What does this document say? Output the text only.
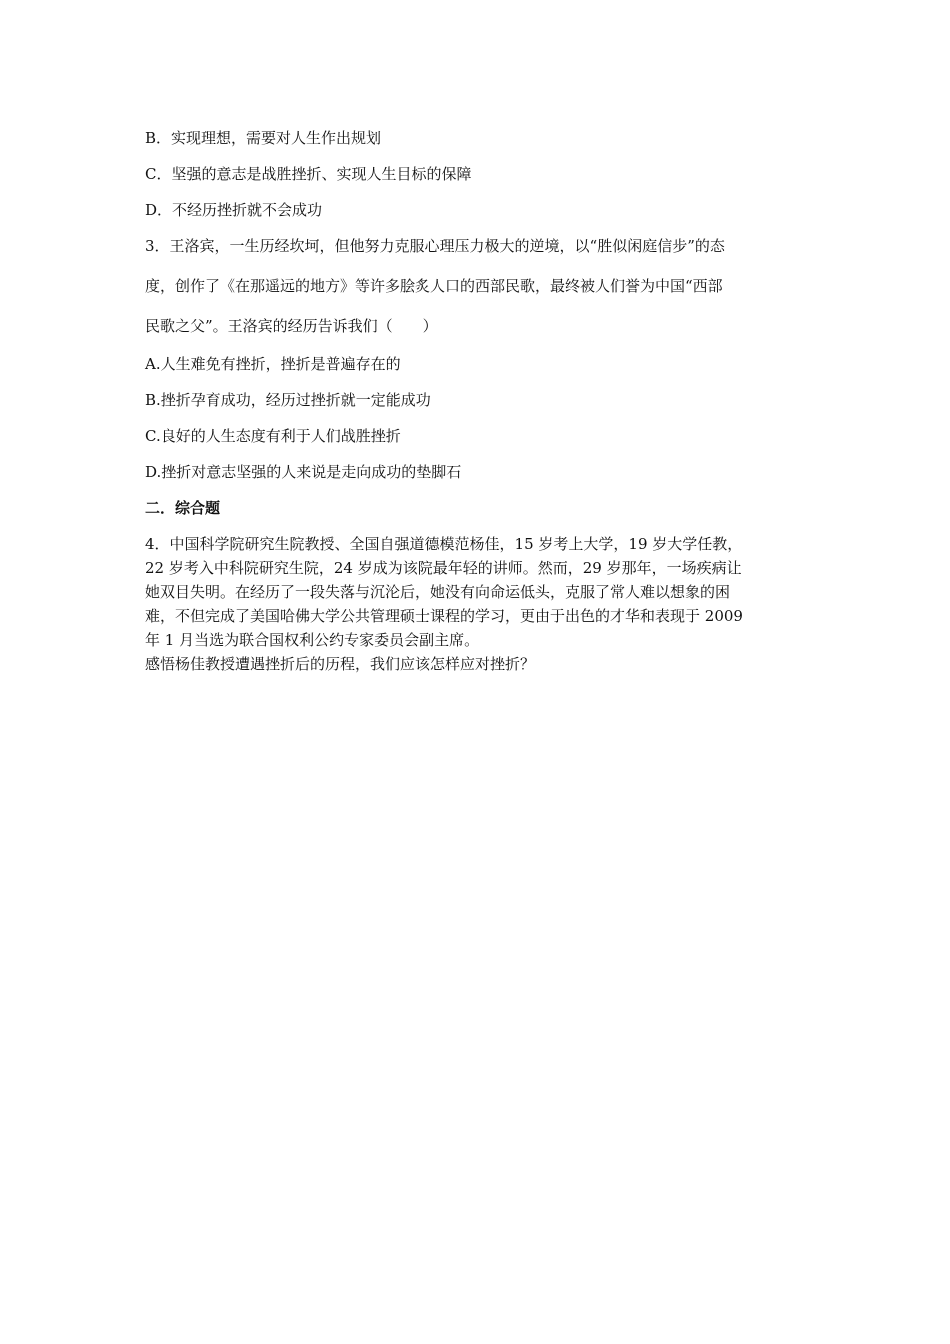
B．实现理想，需要对人生作出规划
C．坚强的意志是战胜挫折、实现人生目标的保障
D．不经历挫折就不会成功
3．王洛宾，一生历经坎坷，但他努力克服心理压力极大的逆境，以“胜似闲庭信步”的态
度，创作了《在那遥远的地方》等许多脍炙人口的西部民歌，最终被人们誉为中国“西部
民歌之父”。王洛宾的经历告诉我们（　　）
A.人生难免有挫折，挫折是普遍存在的
B.挫折孕育成功，经历过挫折就一定能成功
C.良好的人生态度有利于人们战胜挫折
D.挫折对意志坚强的人来说是走向成功的垫脚石
二．综合题

4．中国科学院研究生院教授、全国自强道德模范杨佳，15 岁考上大学，19 岁大学任教，

22 岁考入中科院研究生院，24 岁成为该院最年轻的讲师。然而，29 岁那年，一场疾病让

她双目失明。在经历了一段失落与沉沦后，她没有向命运低头，克服了常人难以想象的困

难，不但完成了美国哈佛大学公共管理硕士课程的学习，更由于出色的才华和表现于 2009

年 1 月当选为联合国权利公约专家委员会副主席。

感悟杨佳教授遭遇挫折后的历程，我们应该怎样应对挫折？
